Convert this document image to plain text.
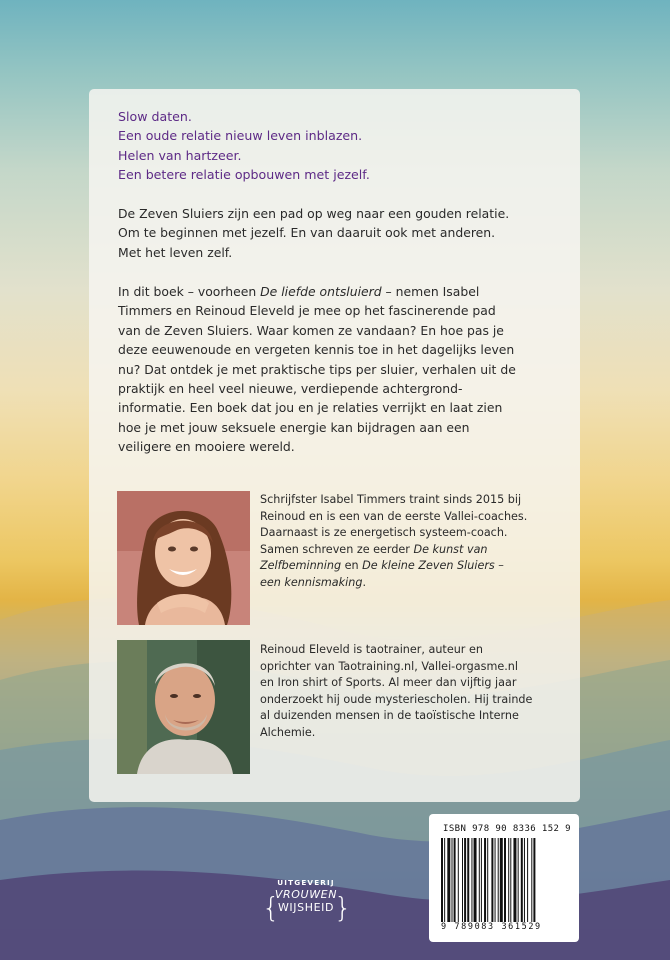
Slow daten.
Een oude relatie nieuw leven inblazen.
Helen van hartzeer.
Een betere relatie opbouwen met jezelf.
De Zeven Sluiers zijn een pad op weg naar een gouden relatie.
Om te beginnen met jezelf. En van daaruit ook met anderen.
Met het leven zelf.
In dit boek – voorheen De liefde ontsluierd – nemen Isabel
Timmers en Reinoud Eleveld je mee op het fascinerende pad
van de Zeven Sluiers. Waar komen ze vandaan? En hoe pas je
deze eeuwenoude en vergeten kennis toe in het dagelijks leven
nu? Dat ontdek je met praktische tips per sluier, verhalen uit de
praktijk en heel veel nieuwe, verdiepende achtergrond-
informatie. Een boek dat jou en je relaties verrijkt en laat zien
hoe je met jouw seksuele energie kan bijdragen aan een
veiligere en mooiere wereld.
Schrijfster Isabel Timmers traint sinds 2015 bij
Reinoud en is een van de eerste Vallei-coaches.
Daarnaast is ze energetisch systeem-coach.
Samen schreven ze eerder De kunst van
Zelfbeminning en De kleine Zeven Sluiers –
een kennismaking.
Reinoud Eleveld is taotrainer, auteur en
oprichter van Taotraining.nl, Vallei-orgasme.nl
en Iron shirt of Sports. Al meer dan vijftig jaar
onderzoekt hij oude mysteriescholen. Hij trainde
al duizenden mensen in de taoïstische Interne
Alchemie.
{ }
UITGEVERIJ
VROUWEN
WIJSHEID
ISBN 978 90 8336 152 9
9 789083 361529
